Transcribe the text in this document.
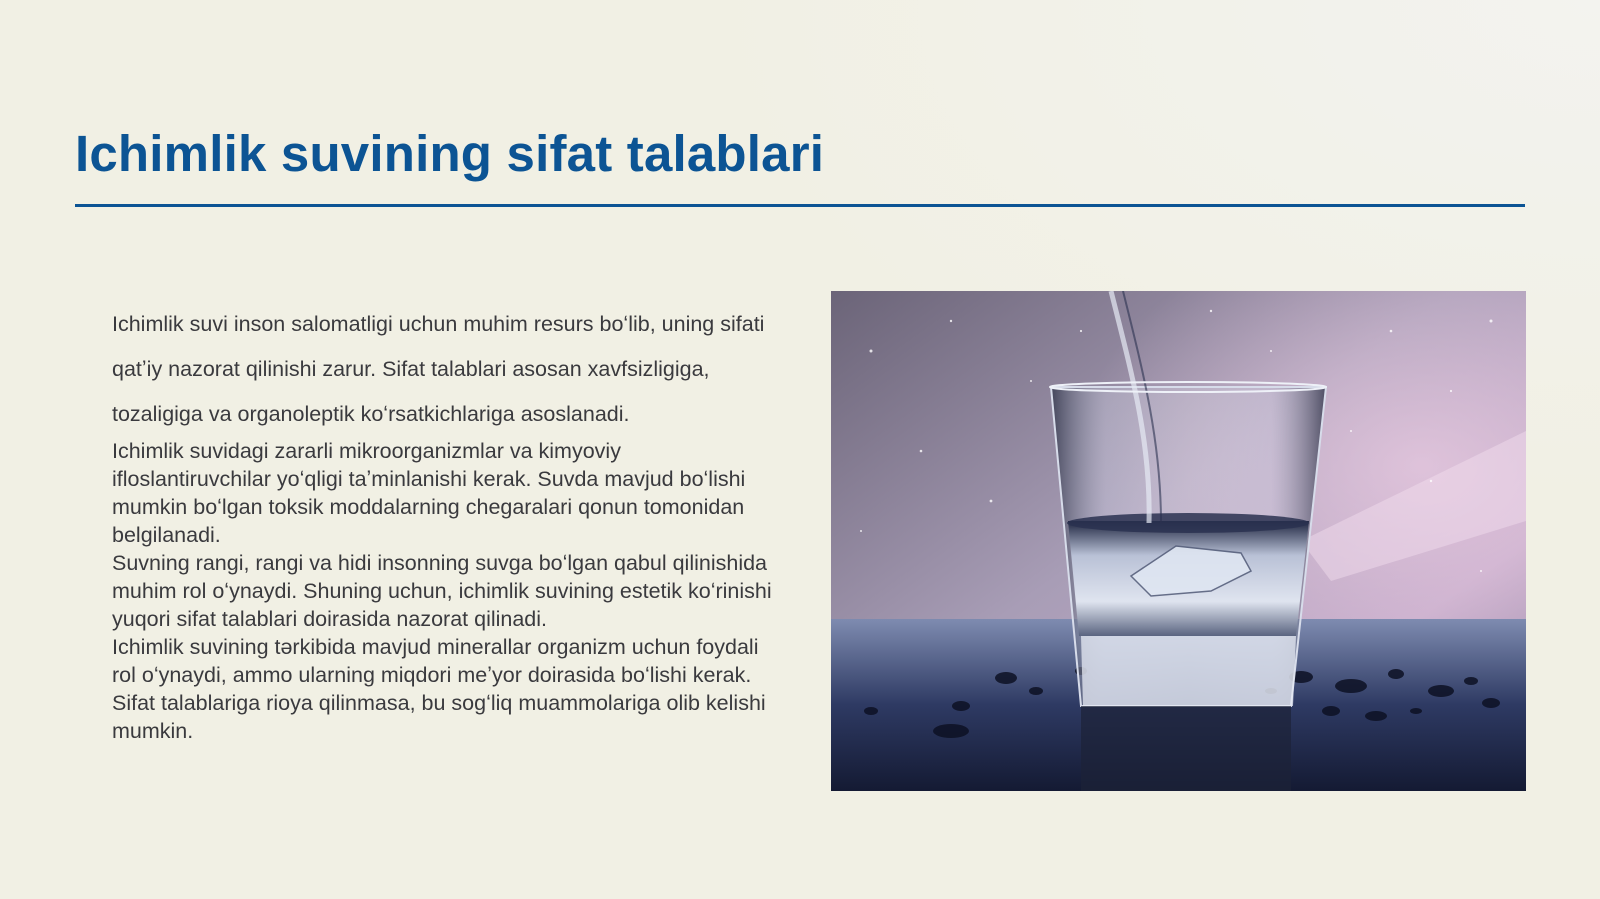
Ichimlik suvining sifat talablari

Ichimlik suvi inson salomatligi uchun muhim resurs boʻlib, uning sifati qatʼiy nazorat qilinishi zarur. Sifat talablari asosan xavfsizligiga, tozaligiga va organoleptik koʻrsatkichlariga asoslanadi.

Ichimlik suvidagi zararli mikroorganizmlar va kimyoviy ifloslantiruvchilar yoʻqligi taʼminlanishi kerak. Suvda mavjud boʻlishi mumkin boʻlgan toksik moddalarning chegaralari qonun tomonidan belgilanadi.

Suvning rangi, rangi va hidi insonning suvga boʻlgan qabul qilinishida muhim rol oʻynaydi. Shuning uchun, ichimlik suvining estetik koʻrinishi yuqori sifat talablari doirasida nazorat qilinadi.

Ichimlik suvining tərkibida mavjud minerallar organizm uchun foydali rol oʻynaydi, ammo ularning miqdori meʼyor doirasida boʻlishi kerak. Sifat talablariga rioya qilinmasa, bu sogʻliq muammolariga olib kelishi mumkin.
